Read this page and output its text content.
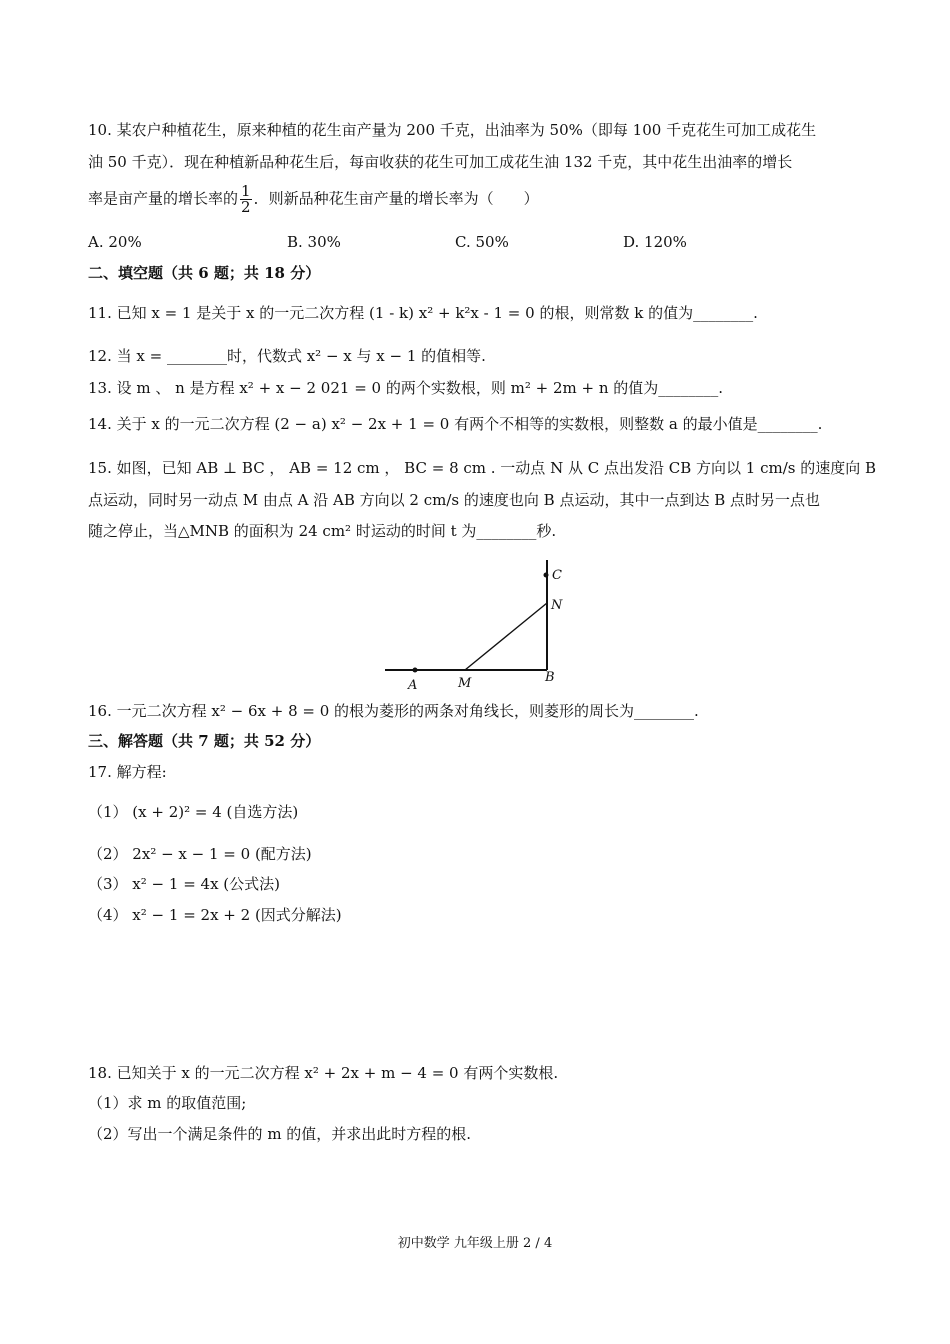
10. 某农户种植花生，原来种植的花生亩产量为 200 千克，出油率为 50%（即每 100 千克花生可加工成花生
油 50 千克）．现在种植新品种花生后，每亩收获的花生可加工成花生油 132 千克，其中花生出油率的增长
率是亩产量的增长率的 $\frac{1}{2}$ ．则新品种花生亩产量的增长率为（　　）
A. 20%	B. 30%	C. 50%	D. 120%
二、填空题（共 6 题；共 18 分）
11. 已知 x = 1 是关于 x 的一元二次方程 (1 - k) x² + k²x - 1 = 0 的根，则常数 k 的值为________.
12. 当 x = ________时，代数式 x² − x 与 x − 1 的值相等.
13. 设 m 、 n 是方程 x² + x − 2 021 = 0 的两个实数根，则 m² + 2m + n 的值为________.
14. 关于 x 的一元二次方程 (2 − a) x² − 2x + 1 = 0 有两个不相等的实数根，则整数 a 的最小值是________.
15. 如图，已知 AB ⊥ BC ， AB = 12 cm ， BC = 8 cm . 一动点 N 从 C 点出发沿 CB 方向以 1 cm/s 的速度向 B
点运动，同时另一动点 M 由点 A 沿 AB 方向以 2 cm/s 的速度也向 B 点运动，其中一点到达 B 点时另一点也
随之停止，当△MNB 的面积为 24 cm² 时运动的时间 t 为________秒.
C
N
A	M	B
16. 一元二次方程 x² − 6x + 8 = 0 的根为菱形的两条对角线长，则菱形的周长为________.
三、解答题（共 7 题；共 52 分）
17. 解方程:
（1） (x + 2)² = 4 (自选方法)
（2） 2x² − x − 1 = 0 (配方法)
（3） x² − 1 = 4x (公式法)
（4） x² − 1 = 2x + 2 (因式分解法)
18. 已知关于 x 的一元二次方程 x² + 2x + m − 4 = 0 有两个实数根.
（1）求 m 的取值范围;
（2）写出一个满足条件的 m 的值，并求出此时方程的根.
初中数学 九年级上册 2 / 4
